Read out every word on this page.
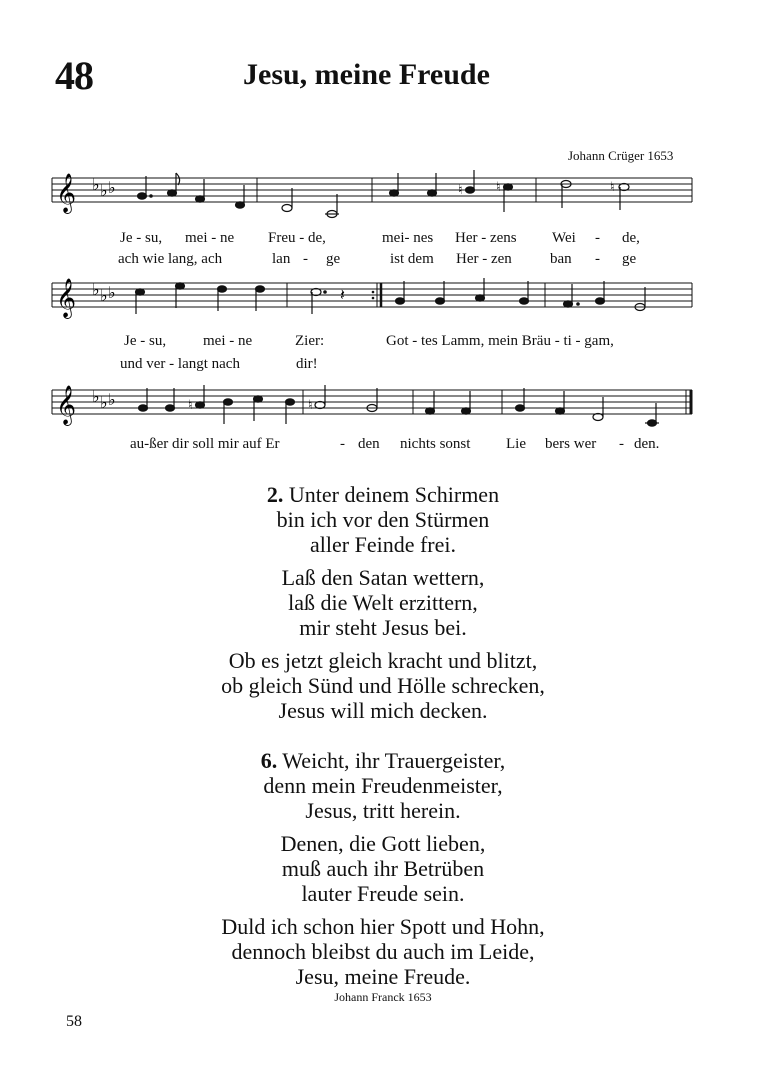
48	Jesu, meine Freude
Johann Crüger 1653
𝄞 ♭ ♭ ♭	♮	♮	♮
Je - su, mei - ne Freu - de,	mei- nes Her - zens Wei - de,
ach wie lang, ach	lan - ge	ist dem Her - zen	ban - ge
𝄞 ♭ ♭ ♭	𝄽
Je - su, mei - ne	Zier:	Got - tes Lamm, mein Bräu - ti - gam,
und ver - langt nach	dir!
𝄞 ♭ ♭ ♭	♮	♮
au-ßer dir soll mir auf Er	- den nichts sonst Lie bers wer - den.
2. Unter deinem Schirmen
bin ich vor den Stürmen
aller Feinde frei.
Laß den Satan wettern,
laß die Welt erzittern,
mir steht Jesus bei.
Ob es jetzt gleich kracht und blitzt,
ob gleich Sünd und Hölle schrecken,
Jesus will mich decken.
6. Weicht, ihr Trauergeister,
denn mein Freudenmeister,
Jesus, tritt herein.
Denen, die Gott lieben,
muß auch ihr Betrüben
lauter Freude sein.
Duld ich schon hier Spott und Hohn,
dennoch bleibst du auch im Leide,
Jesu, meine Freude.
Johann Franck 1653
58
